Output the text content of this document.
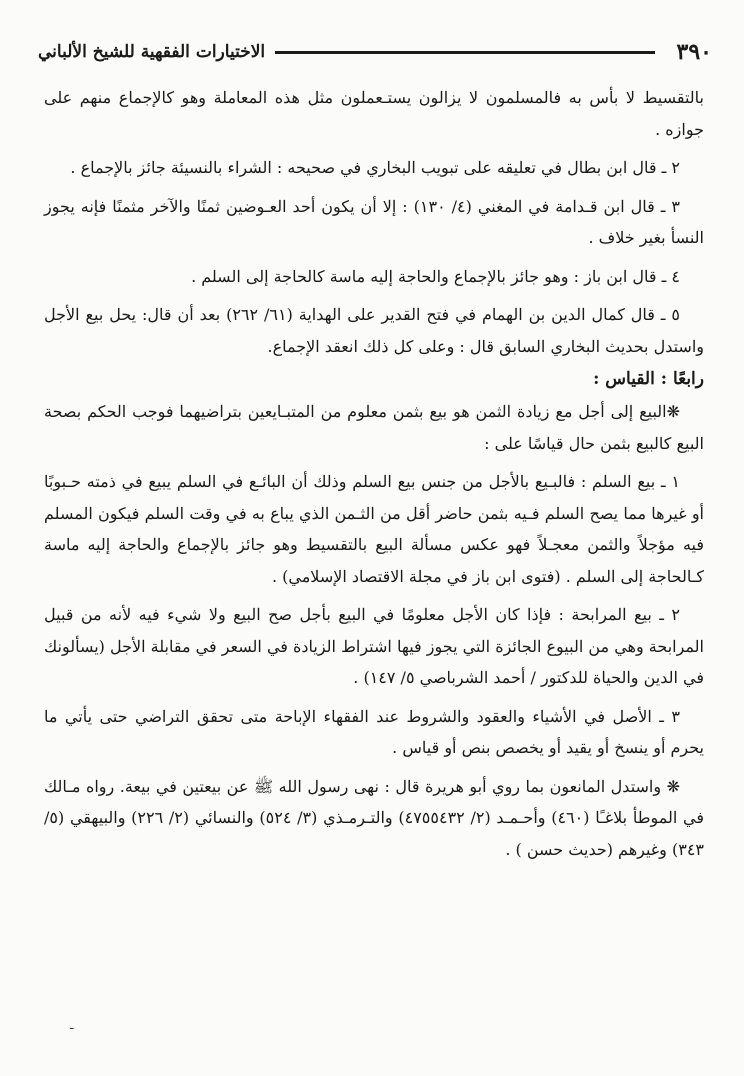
٣٩٠
الاختيارات الفقهية للشيخ الألباني

بالتقسيط لا بأس به فالمسلمون لا يزالون يستـعملون مثل هذه المعاملة وهو كالإجماع منهم على جوازه .

٢ ـ قال ابن بطال في تعليقه على تبويب البخاري في صحيحه : الشراء بالنسيئة جائز بالإجماع .

٣ ـ قال ابن قـدامة في المغني (٤/ ١٣٠) : إلا أن يكون أحد العـوضين ثمنًا والآخر مثمنًا فإنه يجوز النسأ بغير خلاف .

٤ ـ قال ابن باز : وهو جائز بالإجماع والحاجة إليه ماسة كالحاجة إلى السلم .

٥ ـ قال كمال الدين بن الهمام في فتح القدير على الهداية (٦١/ ٢٦٢) بعد أن قال: يحل بيع الأجل واستدل بحديث البخاري السابق قال : وعلى كل ذلك انعقد الإجماع.

رابعًا : القياس :

❋البيع إلى أجل مع زيادة الثمن هو بيع بثمن معلوم من المتبـايعين بتراضيهما فوجب الحكم بصحة البيع كالبيع بثمن حال قياسًا على :

١ ـ بيع السلم : فالبـيع بالأجل من جنس بيع السلم وذلك أن البائـع في السلم يبيع في ذمته حـبوبًا أو غيرها مما يصح السلم فـيه بثمن حاضر أقل من الثـمن الذي يباع به في وقت السلم فيكون المسلم فيه مؤجلاً والثمن معجـلاً فهو عكس مسألة البيع بالتقسيط وهو جائز بالإجماع والحاجة إليه ماسة كـالحاجة إلى السلم . (فتوى ابن باز في مجلة الاقتصاد الإسلامي) .

٢ ـ بيع المرابحة : فإذا كان الأجل معلومًا في البيع بأجل صح البيع ولا شيء فيه لأنه من قبيل المرابحة وهي من البيوع الجائزة التي يجوز فيها اشتراط الزيادة في السعر في مقابلة الأجل (يسألونك في الدين والحياة للدكتور / أحمد الشرباصي ٥/ ١٤٧) .

٣ ـ الأصل في الأشياء والعقود والشروط عند الفقهاء الإباحة متى تحقق التراضي حتى يأتي ما يحرم أو ينسخ أو يقيد أو يخصص بنص أو قياس .

❋ واستدل المانعون بما روي أبو هريرة قال : نهى رسول الله ﷺ عن بيعتين في بيعة. رواه مـالك في الموطأ بلاغـًا (٤٦٠) وأحـمـد (٢/ ٤٧٥٥٤٣٢) والتـرمـذي (٣/ ٥٢٤) والنسائي (٢/ ٢٢٦) والبيهقي (٥/ ٣٤٣) وغيرهم (حديث حسن ) .

ـ
